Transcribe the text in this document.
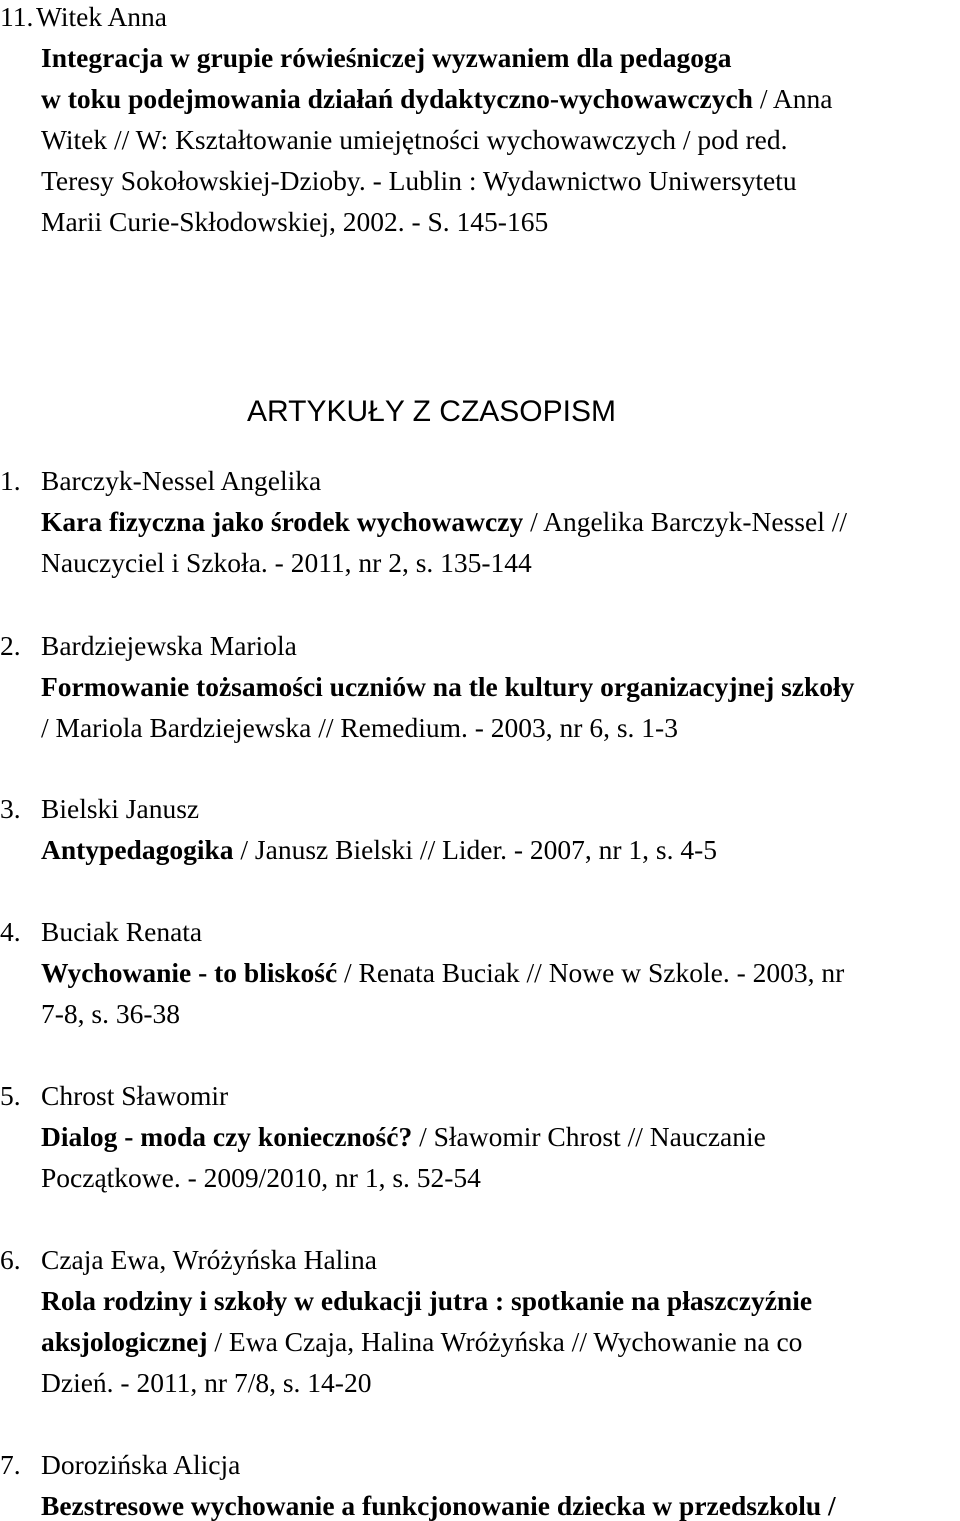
11. Witek Anna
Integracja w grupie rówieśniczej wyzwaniem dla pedagoga
w toku podejmowania działań dydaktyczno-wychowawczych / Anna
Witek // W: Kształtowanie umiejętności wychowawczych / pod red.
Teresy Sokołowskiej-Dzioby. - Lublin : Wydawnictwo Uniwersytetu
Marii Curie-Skłodowskiej, 2002. - S. 145-165
ARTYKUŁY Z CZASOPISM
1. Barczyk-Nessel Angelika
Kara fizyczna jako środek wychowawczy / Angelika Barczyk-Nessel //
Nauczyciel i Szkoła. - 2011, nr 2, s. 135-144
2. Bardziejewska Mariola
Formowanie tożsamości uczniów na tle kultury organizacyjnej szkoły
/ Mariola Bardziejewska // Remedium. - 2003, nr 6, s. 1-3
3. Bielski Janusz
Antypedagogika / Janusz Bielski // Lider. - 2007, nr 1, s. 4-5
4. Buciak Renata
Wychowanie - to bliskość / Renata Buciak // Nowe w Szkole. - 2003, nr
7-8, s. 36-38
5. Chrost Sławomir
Dialog - moda czy konieczność? / Sławomir Chrost // Nauczanie
Początkowe. - 2009/2010, nr 1, s. 52-54
6. Czaja Ewa, Wróżyńska Halina
Rola rodziny i szkoły w edukacji jutra : spotkanie na płaszczyźnie
aksjologicznej / Ewa Czaja, Halina Wróżyńska // Wychowanie na co
Dzień. - 2011, nr 7/8, s. 14-20
7. Dorozińska Alicja
Bezstresowe wychowanie a funkcjonowanie dziecka w przedszkolu /
